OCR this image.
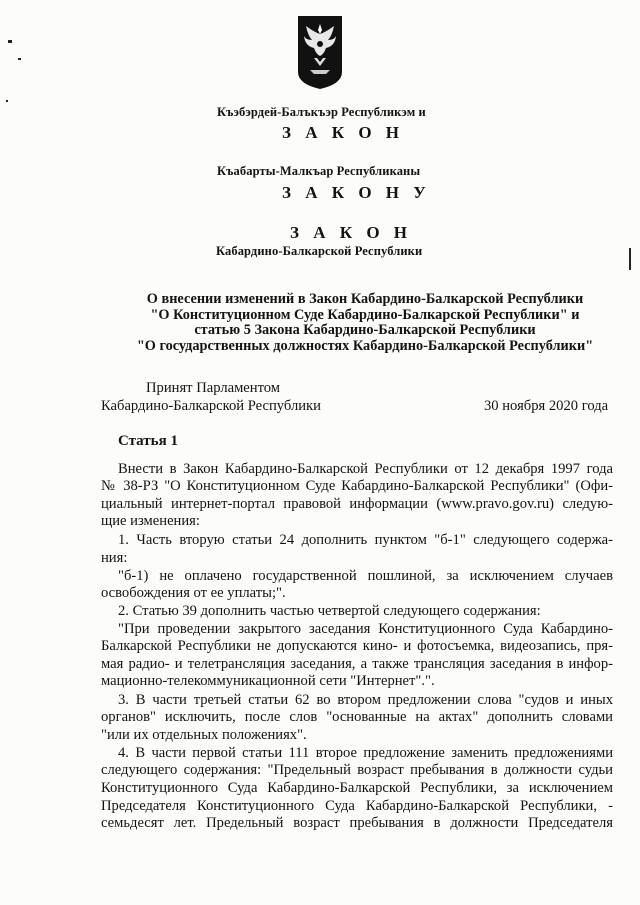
Къэбэрдей-Балъкъэр Республикэм и
З А К О Н
Къабарты-Малкъар Республиканы
З А К О Н У
З А К О Н
Кабардино-Балкарской Республики
О внесении изменений в Закон Кабардино-Балкарской Республики
"О Конституционном Суде Кабардино-Балкарской Республики" и
статью 5 Закона Кабардино-Балкарской Республики
"О государственных должностях Кабардино-Балкарской Республики"
Принят Парламентом
Кабардино-Балкарской Республики	30 ноября 2020 года
Статья 1
Внести в Закон Кабардино-Балкарской Республики от 12 декабря 1997 года
№ 38-РЗ "О Конституционном Суде Кабардино-Балкарской Республики" (Офи-
циальный интернет-портал правовой информации (www.pravo.gov.ru) следую-
щие изменения:
1. Часть вторую статьи 24 дополнить пунктом "б-1" следующего содержа-
ния:
"б-1) не оплачено государственной пошлиной, за исключением случаев
освобождения от ее уплаты;".
2. Статью 39 дополнить частью четвертой следующего содержания:
"При проведении закрытого заседания Конституционного Суда Кабардино-
Балкарской Республики не допускаются кино- и фотосъемка, видеозапись, пря-
мая радио- и телетрансляция заседания, а также трансляция заседания в инфор-
мационно-телекоммуникационной сети "Интернет".".
3. В части третьей статьи 62 во втором предложении слова "судов и иных
органов" исключить, после слов "основанные на актах" дополнить словами
"или их отдельных положениях".
4. В части первой статьи 111 второе предложение заменить предложениями
следующего содержания: "Предельный возраст пребывания в должности судьи
Конституционного Суда Кабардино-Балкарской Республики, за исключением
Председателя Конституционного Суда Кабардино-Балкарской Республики, -
семьдесят лет. Предельный возраст пребывания в должности Председателя
